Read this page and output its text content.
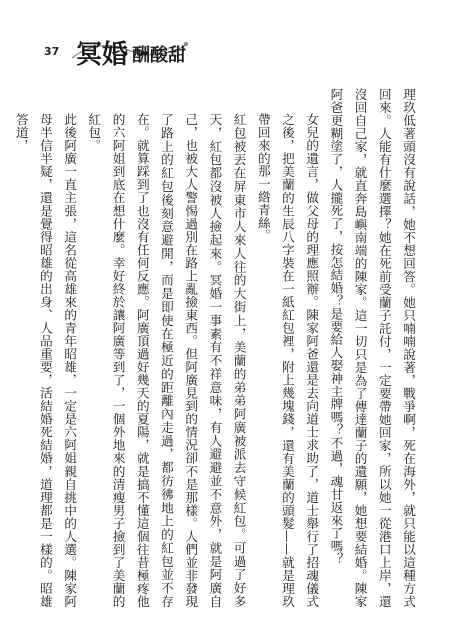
37 冥婚 酬酸甜

理玖低著頭沒有說話，她不想回答。她只喃喃說著，戰爭啊，死在海外，就只能以這種方式回來。人能有什麼選擇？她在死前受蘭子託付，一定要帶她回家，所以她一從港口上岸，還沒回自己家，就直奔島嶼南端的陳家。這一切只是為了傳達蘭子的遺願，她想要結婚。陳家阿爸更糊塗了，人攏死了，按怎結婚？是要給人娶神主牌嗎？不過，魂甘返來了嗎？

女兒的遺言，做父母的理應照辦。陳家阿爸還是去向道士求助了，道士舉行了招魂儀式之後，把美蘭的生辰八字裝在一紙紅包裡，附上幾塊錢，還有美蘭的頭髮——就是理玖帶回來的那一綹青絲。

紅包被丟在屏東市人來人往的大街上，美蘭的弟弟阿廣被派去守候紅包。可過了好多天，紅包都沒被人撿起來。冥婚一事素有不祥意味，有人避避並不意外，就是阿廣自己，也被大人警惕過別在路上亂撿東西。但阿廣見到的情況卻不是那樣。人們並非發現了路上的紅包後刻意避開，而是即使在極近的距離內走過，都彷彿地上的紅包並不存在。就算踩到了也沒有任何反應。阿廣頂過好幾天的夏陽，就是搞不懂這個往昔極疼他的六阿姐到底在想什麼。幸好終於讓阿廣等到了，一個外地來的清瘦男子撿到了美蘭的紅包。

此後阿廣一直主張，這名從高雄來的青年昭雄，一定是六阿姐親自挑中的人選。陳家阿母半信半疑，還是覺得昭雄的出身、人品重要，活結婚死結婚，道理都是一樣的。昭雄答道，
